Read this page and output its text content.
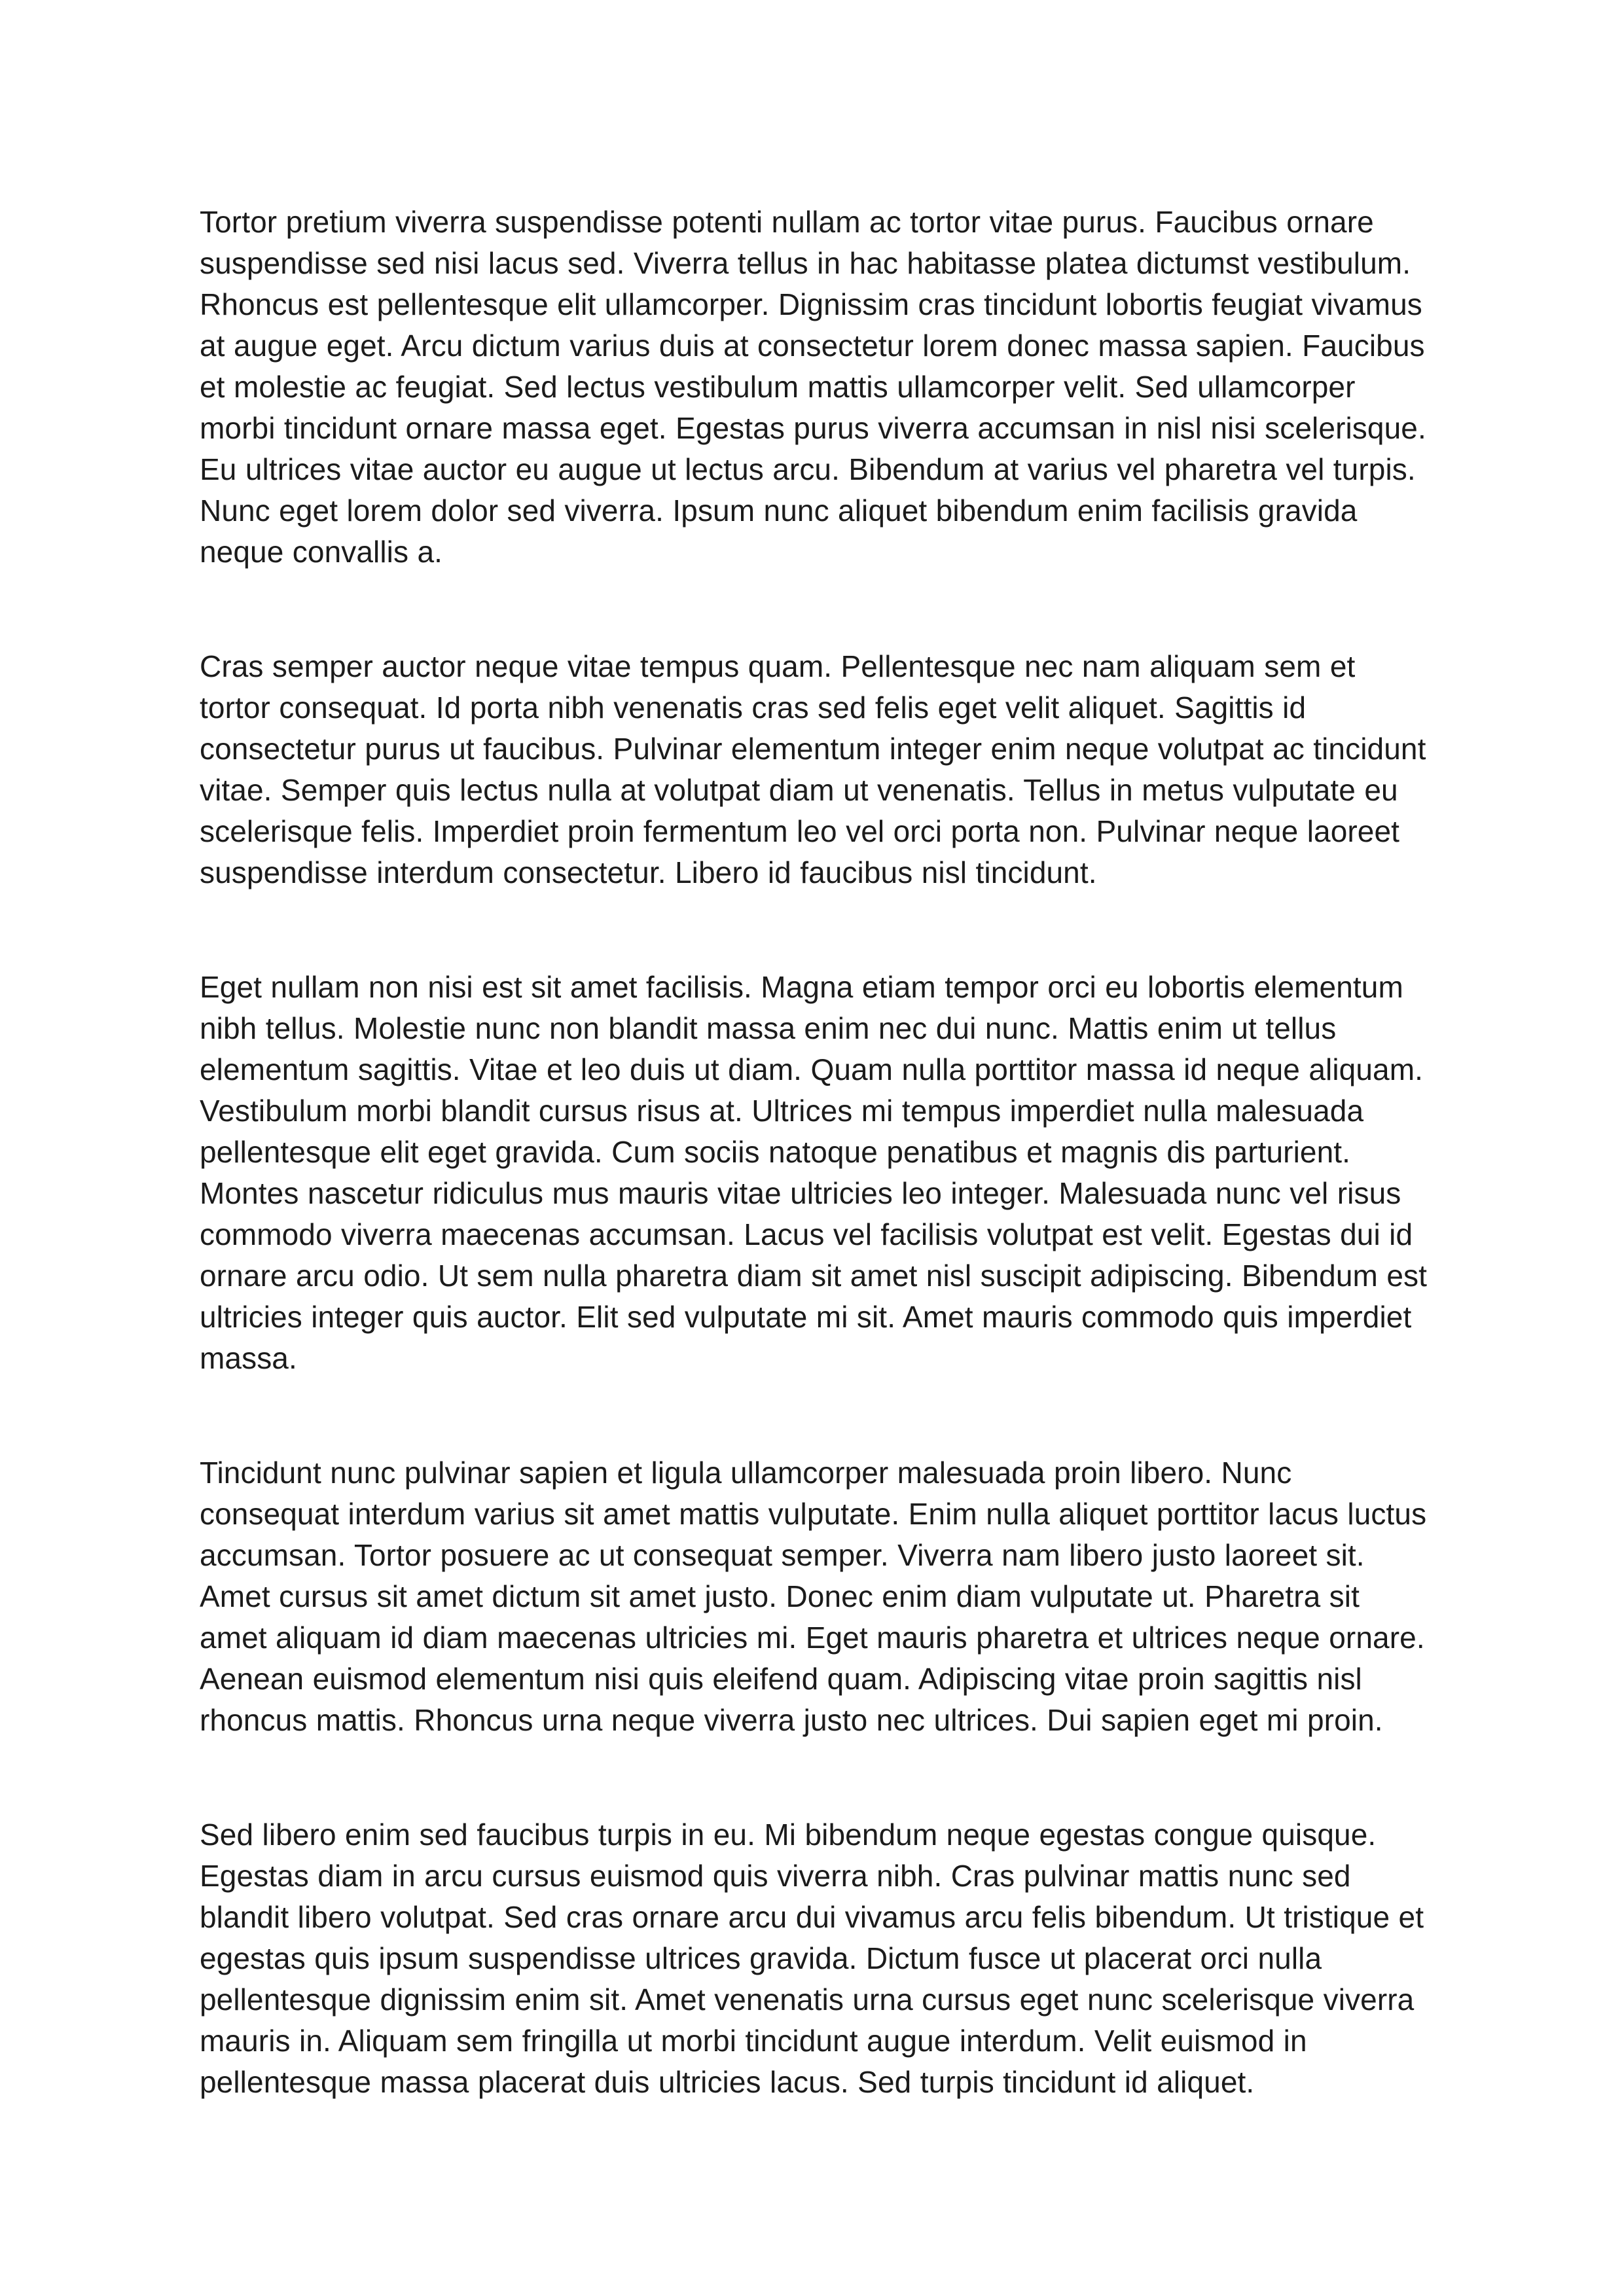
Tortor pretium viverra suspendisse potenti nullam ac tortor vitae purus. Faucibus ornare suspendisse sed nisi lacus sed. Viverra tellus in hac habitasse platea dictumst vestibulum. Rhoncus est pellentesque elit ullamcorper. Dignissim cras tincidunt lobortis feugiat vivamus at augue eget. Arcu dictum varius duis at consectetur lorem donec massa sapien. Faucibus et molestie ac feugiat. Sed lectus vestibulum mattis ullamcorper velit. Sed ullamcorper morbi tincidunt ornare massa eget. Egestas purus viverra accumsan in nisl nisi scelerisque. Eu ultrices vitae auctor eu augue ut lectus arcu. Bibendum at varius vel pharetra vel turpis. Nunc eget lorem dolor sed viverra. Ipsum nunc aliquet bibendum enim facilisis gravida neque convallis a.

Cras semper auctor neque vitae tempus quam. Pellentesque nec nam aliquam sem et tortor consequat. Id porta nibh venenatis cras sed felis eget velit aliquet. Sagittis id consectetur purus ut faucibus. Pulvinar elementum integer enim neque volutpat ac tincidunt vitae. Semper quis lectus nulla at volutpat diam ut venenatis. Tellus in metus vulputate eu scelerisque felis. Imperdiet proin fermentum leo vel orci porta non. Pulvinar neque laoreet suspendisse interdum consectetur. Libero id faucibus nisl tincidunt.

Eget nullam non nisi est sit amet facilisis. Magna etiam tempor orci eu lobortis elementum nibh tellus. Molestie nunc non blandit massa enim nec dui nunc. Mattis enim ut tellus elementum sagittis. Vitae et leo duis ut diam. Quam nulla porttitor massa id neque aliquam. Vestibulum morbi blandit cursus risus at. Ultrices mi tempus imperdiet nulla malesuada pellentesque elit eget gravida. Cum sociis natoque penatibus et magnis dis parturient. Montes nascetur ridiculus mus mauris vitae ultricies leo integer. Malesuada nunc vel risus commodo viverra maecenas accumsan. Lacus vel facilisis volutpat est velit. Egestas dui id ornare arcu odio. Ut sem nulla pharetra diam sit amet nisl suscipit adipiscing. Bibendum est ultricies integer quis auctor. Elit sed vulputate mi sit. Amet mauris commodo quis imperdiet massa.

Tincidunt nunc pulvinar sapien et ligula ullamcorper malesuada proin libero. Nunc consequat interdum varius sit amet mattis vulputate. Enim nulla aliquet porttitor lacus luctus accumsan. Tortor posuere ac ut consequat semper. Viverra nam libero justo laoreet sit. Amet cursus sit amet dictum sit amet justo. Donec enim diam vulputate ut. Pharetra sit amet aliquam id diam maecenas ultricies mi. Eget mauris pharetra et ultrices neque ornare. Aenean euismod elementum nisi quis eleifend quam. Adipiscing vitae proin sagittis nisl rhoncus mattis. Rhoncus urna neque viverra justo nec ultrices. Dui sapien eget mi proin.

Sed libero enim sed faucibus turpis in eu. Mi bibendum neque egestas congue quisque. Egestas diam in arcu cursus euismod quis viverra nibh. Cras pulvinar mattis nunc sed blandit libero volutpat. Sed cras ornare arcu dui vivamus arcu felis bibendum. Ut tristique et egestas quis ipsum suspendisse ultrices gravida. Dictum fusce ut placerat orci nulla pellentesque dignissim enim sit. Amet venenatis urna cursus eget nunc scelerisque viverra mauris in. Aliquam sem fringilla ut morbi tincidunt augue interdum. Velit euismod in pellentesque massa placerat duis ultricies lacus. Sed turpis tincidunt id aliquet.
